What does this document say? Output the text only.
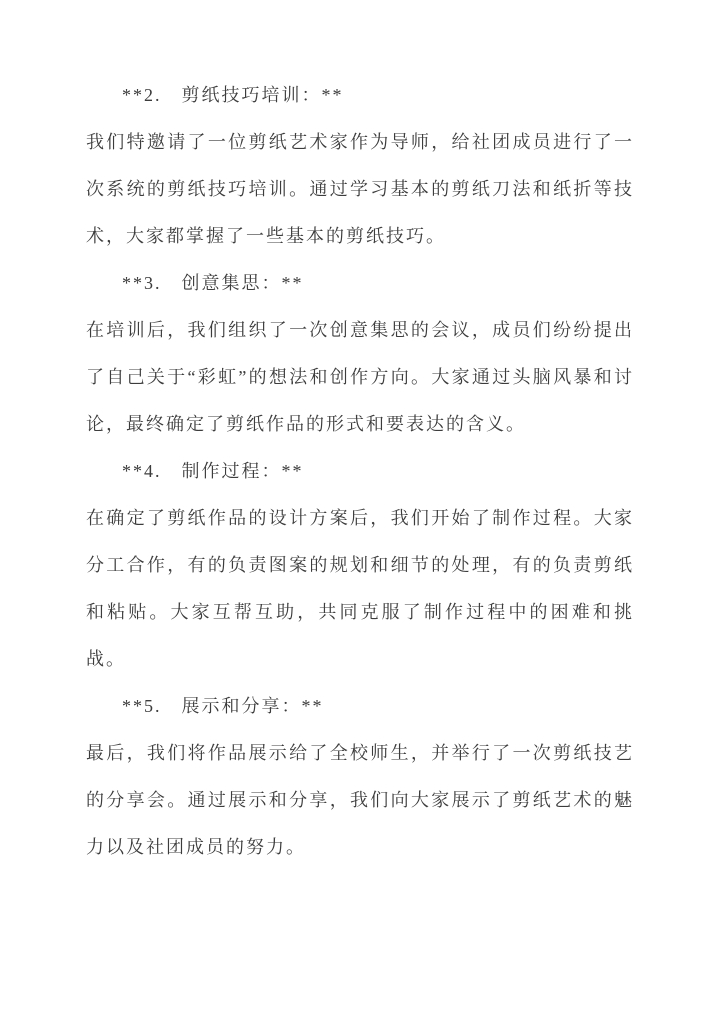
**2.　剪纸技巧培训：**

我们特邀请了一位剪纸艺术家作为导师，给社团成员进行了一次系统的剪纸技巧培训。通过学习基本的剪纸刀法和纸折等技术，大家都掌握了一些基本的剪纸技巧。

**3.　创意集思：**

在培训后，我们组织了一次创意集思的会议，成员们纷纷提出了自己关于“彩虹”的想法和创作方向。大家通过头脑风暴和讨论，最终确定了剪纸作品的形式和要表达的含义。

**4.　制作过程：**

在确定了剪纸作品的设计方案后，我们开始了制作过程。大家分工合作，有的负责图案的规划和细节的处理，有的负责剪纸和粘贴。大家互帮互助，共同克服了制作过程中的困难和挑战。

**5.　展示和分享：**

最后，我们将作品展示给了全校师生，并举行了一次剪纸技艺的分享会。通过展示和分享，我们向大家展示了剪纸艺术的魅力以及社团成员的努力。
